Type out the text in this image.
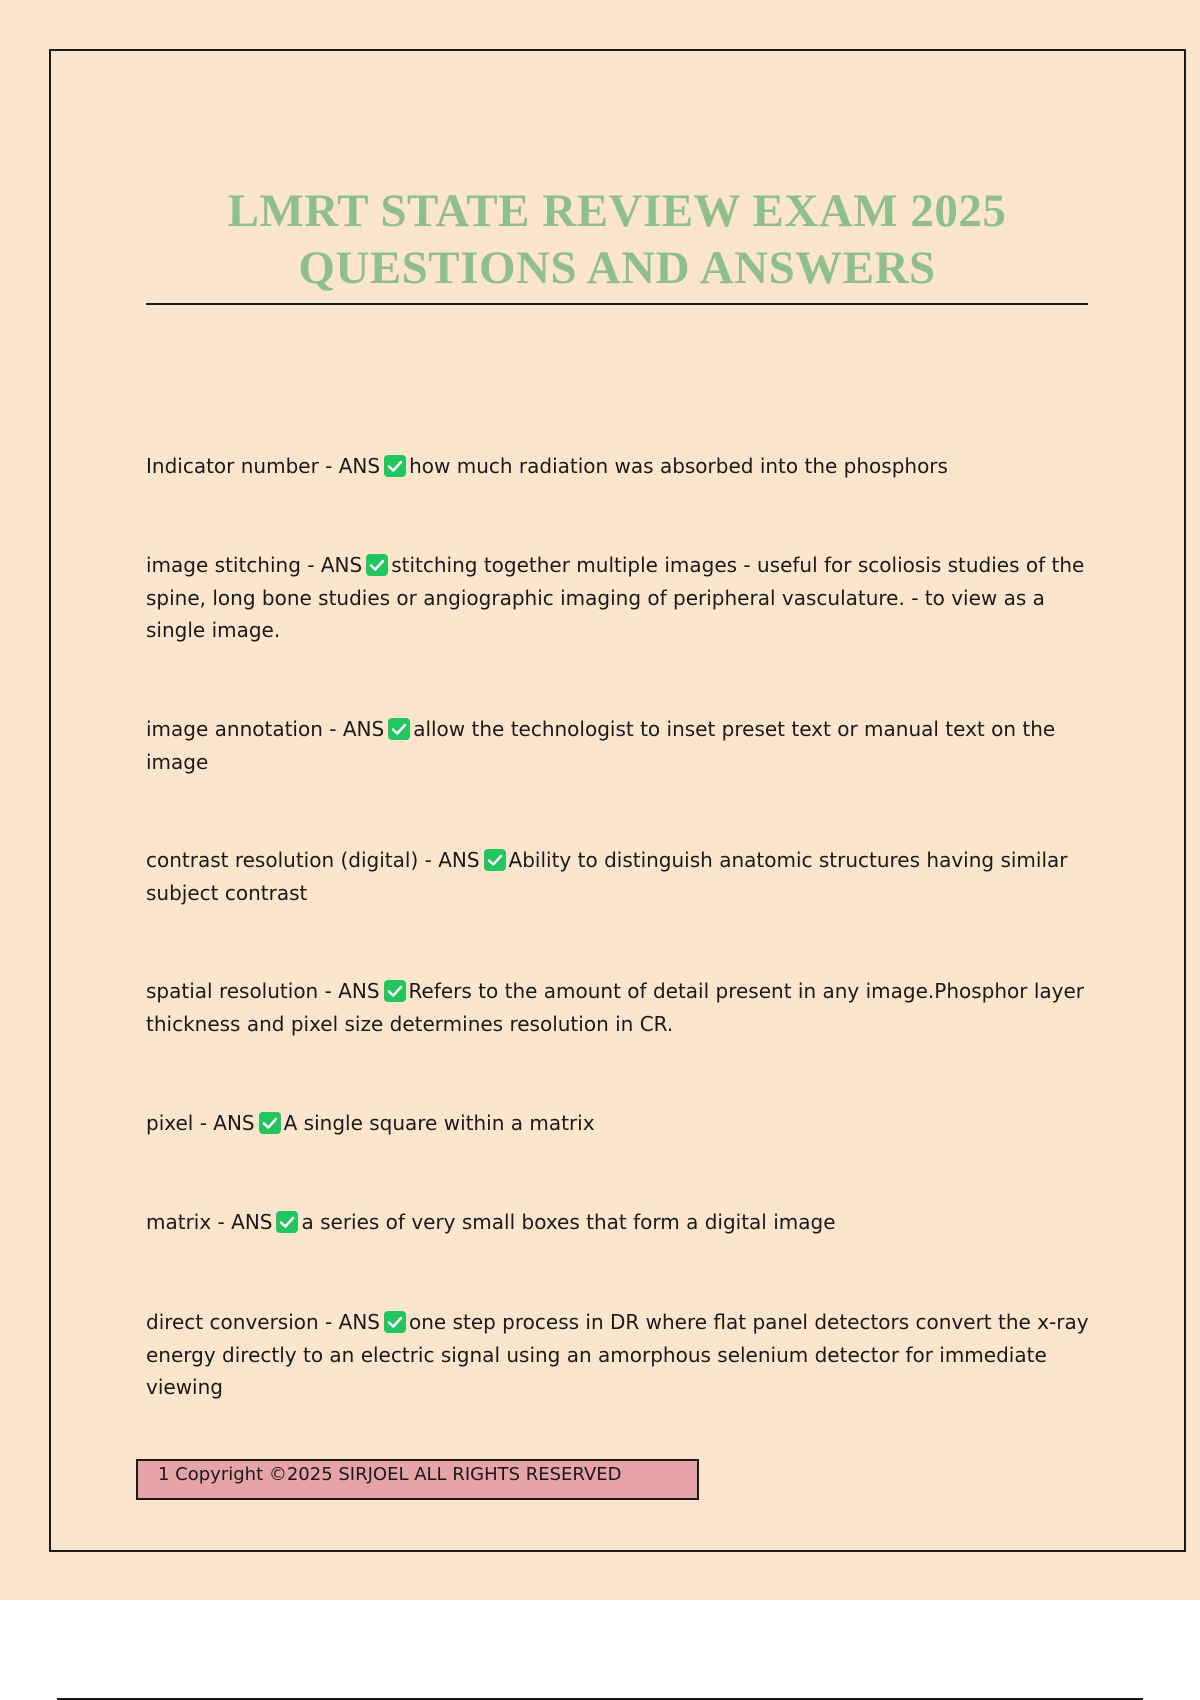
LMRT STATE REVIEW EXAM 2025
QUESTIONS AND ANSWERS
Indicator number - ANS how much radiation was absorbed into the phosphors
image stitching - ANS stitching together multiple images - useful for scoliosis studies of the spine, long bone studies or angiographic imaging of peripheral vasculature. - to view as a single image.
image annotation - ANS allow the technologist to inset preset text or manual text on the image
contrast resolution (digital) - ANS Ability to distinguish anatomic structures having similar subject contrast
spatial resolution - ANS Refers to the amount of detail present in any image.Phosphor layer thickness and pixel size determines resolution in CR.
pixel - ANS A single square within a matrix
matrix - ANS a series of very small boxes that form a digital image
direct conversion - ANS one step process in DR where flat panel detectors convert the x-ray energy directly to an electric signal using an amorphous selenium detector for immediate viewing
1 Copyright ©2025 SIRJOEL ALL RIGHTS RESERVED
